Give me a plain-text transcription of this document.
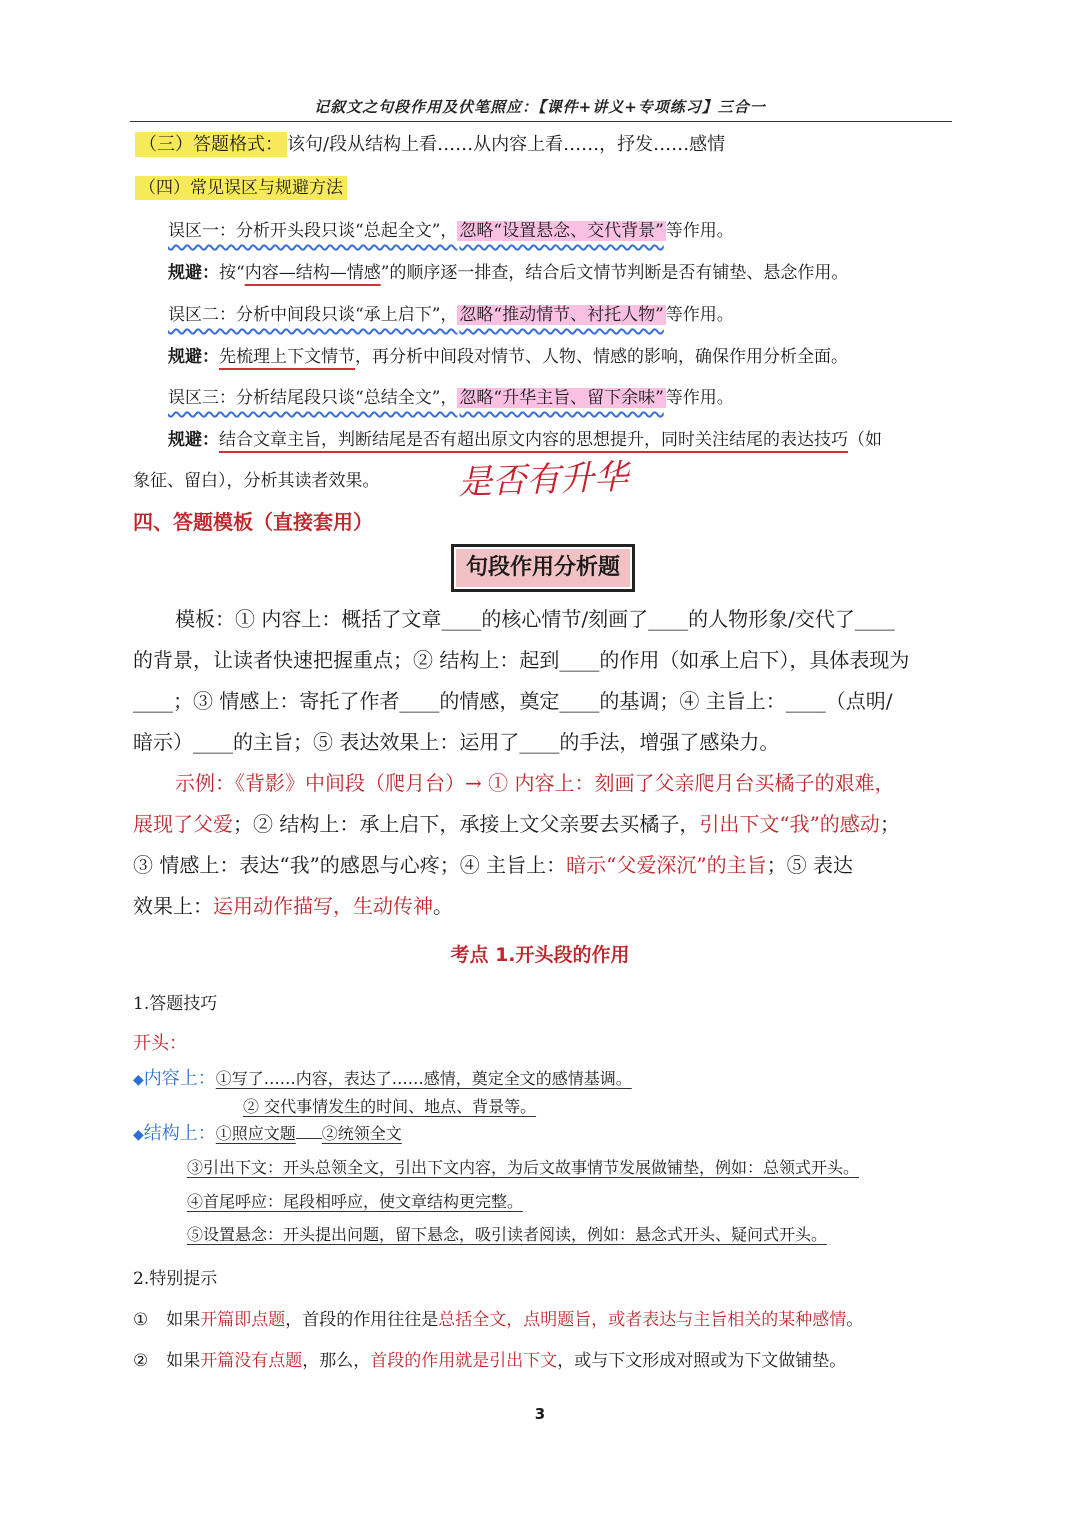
记叙文之句段作用及伏笔照应：【课件+讲义+专项练习】三合一
（三）答题格式： 该句/段从结构上看……从内容上看……，抒发……感情
（四）常见误区与规避方法
误区一：分析开头段只谈“总起全文”， 忽略“设置悬念、交代背景” 等作用。
规避：按“内容—结构—情感”的顺序逐一排查，结合后文情节判断是否有铺垫、悬念作用。
误区二：分析中间段只谈“承上启下”， 忽略“推动情节、衬托人物” 等作用。
规避：先梳理上下文情节，再分析中间段对情节、人物、情感的影响，确保作用分析全面。
误区三：分析结尾段只谈“总结全文”， 忽略“升华主旨、留下余味” 等作用。
规避：结合文章主旨，判断结尾是否有超出原文内容的思想提升，同时关注结尾的表达技巧（如
象征、留白），分析其读者效果。 是否有升华
四、答题模板（直接套用）
句段作用分析题
模板：① 内容上：概括了文章____的核心情节/刻画了____的人物形象/交代了____
的背景，让读者快速把握重点；② 结构上：起到____的作用（如承上启下），具体表现为
____；③ 情感上：寄托了作者____的情感，奠定____的基调；④ 主旨上：____（点明/
暗示）____的主旨；⑤ 表达效果上：运用了____的手法，增强了感染力。
示例：《背影》中间段（爬月台）→ ① 内容上：刻画了父亲爬月台买橘子的艰难，
展现了父爱；② 结构上：承上启下，承接上文父亲要去买橘子，引出下文“我”的感动；
③ 情感上：表达“我”的感恩与心疼；④ 主旨上：暗示“父爱深沉”的主旨；⑤ 表达
效果上：运用动作描写，生动传神。
考点 1.开头段的作用
1.答题技巧
开头：
◆内容上：①写了……内容，表达了……感情，奠定全文的感情基调。
② 交代事情发生的时间、地点、背景等。
◆结构上：①照应文题 ②统领全文
③引出下文：开头总领全文，引出下文内容，为后文故事情节发展做铺垫，例如：总领式开头。
④首尾呼应：尾段相呼应，使文章结构更完整。
⑤设置悬念：开头提出问题，留下悬念，吸引读者阅读，例如：悬念式开头、疑问式开头。
2.特别提示
① 如果开篇即点题，首段的作用往往是总括全文，点明题旨，或者表达与主旨相关的某种感情。
② 如果开篇没有点题，那么，首段的作用就是引出下文，或与下文形成对照或为下文做铺垫。
3
